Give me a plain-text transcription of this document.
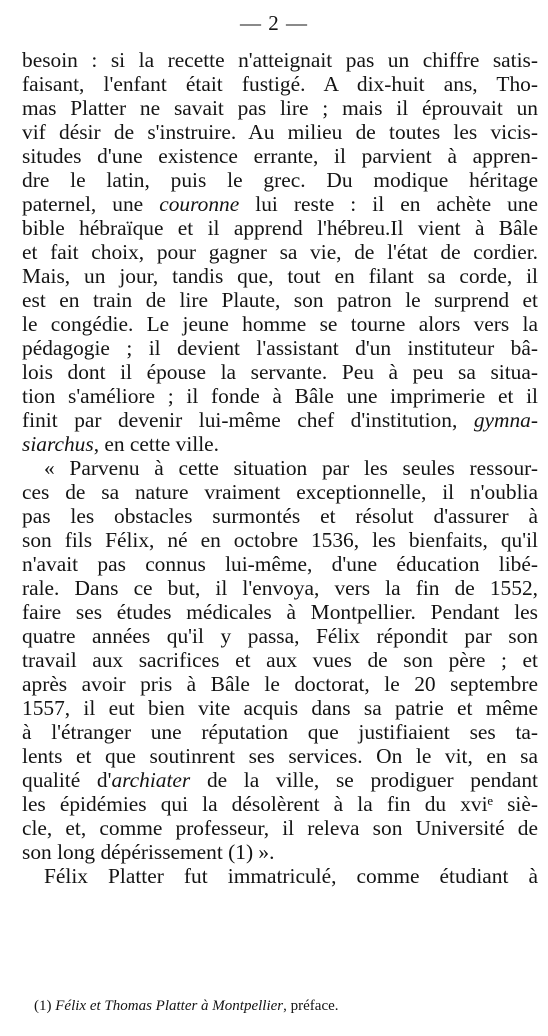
— 2 —
besoin : si la recette n'atteignait pas un chiffre satis-
faisant, l'enfant était fustigé. A dix-huit ans, Tho-
mas Platter ne savait pas lire ; mais il éprouvait un
vif désir de s'instruire. Au milieu de toutes les vicis-
situdes d'une existence errante, il parvient à appren-
dre le latin, puis le grec. Du modique héritage
paternel, une couronne lui reste : il en achète une
bible hébraïque et il apprend l'hébreu.Il vient à Bâle
et fait choix, pour gagner sa vie, de l'état de cordier.
Mais, un jour, tandis que, tout en filant sa corde, il
est en train de lire Plaute, son patron le surprend et
le congédie. Le jeune homme se tourne alors vers la
pédagogie ; il devient l'assistant d'un instituteur bâ-
lois dont il épouse la servante. Peu à peu sa situa-
tion s'améliore ; il fonde à Bâle une imprimerie et il
finit par devenir lui-même chef d'institution, gymna-
siarchus, en cette ville.
« Parvenu à cette situation par les seules ressour-
ces de sa nature vraiment exceptionnelle, il n'oublia
pas les obstacles surmontés et résolut d'assurer à
son fils Félix, né en octobre 1536, les bienfaits, qu'il
n'avait pas connus lui-même, d'une éducation libé-
rale. Dans ce but, il l'envoya, vers la fin de 1552,
faire ses études médicales à Montpellier. Pendant les
quatre années qu'il y passa, Félix répondit par son
travail aux sacrifices et aux vues de son père ; et
après avoir pris à Bâle le doctorat, le 20 septembre
1557, il eut bien vite acquis dans sa patrie et même
à l'étranger une réputation que justifiaient ses ta-
lents et que soutinrent ses services. On le vit, en sa
qualité d'archiater de la ville, se prodiguer pendant
les épidémies qui la désolèrent à la fin du xviᵉ siè-
cle, et, comme professeur, il releva son Université de
son long dépérissement (1) ».
Félix Platter fut immatriculé, comme étudiant à
(1) Félix et Thomas Platter à Montpellier, préface.
